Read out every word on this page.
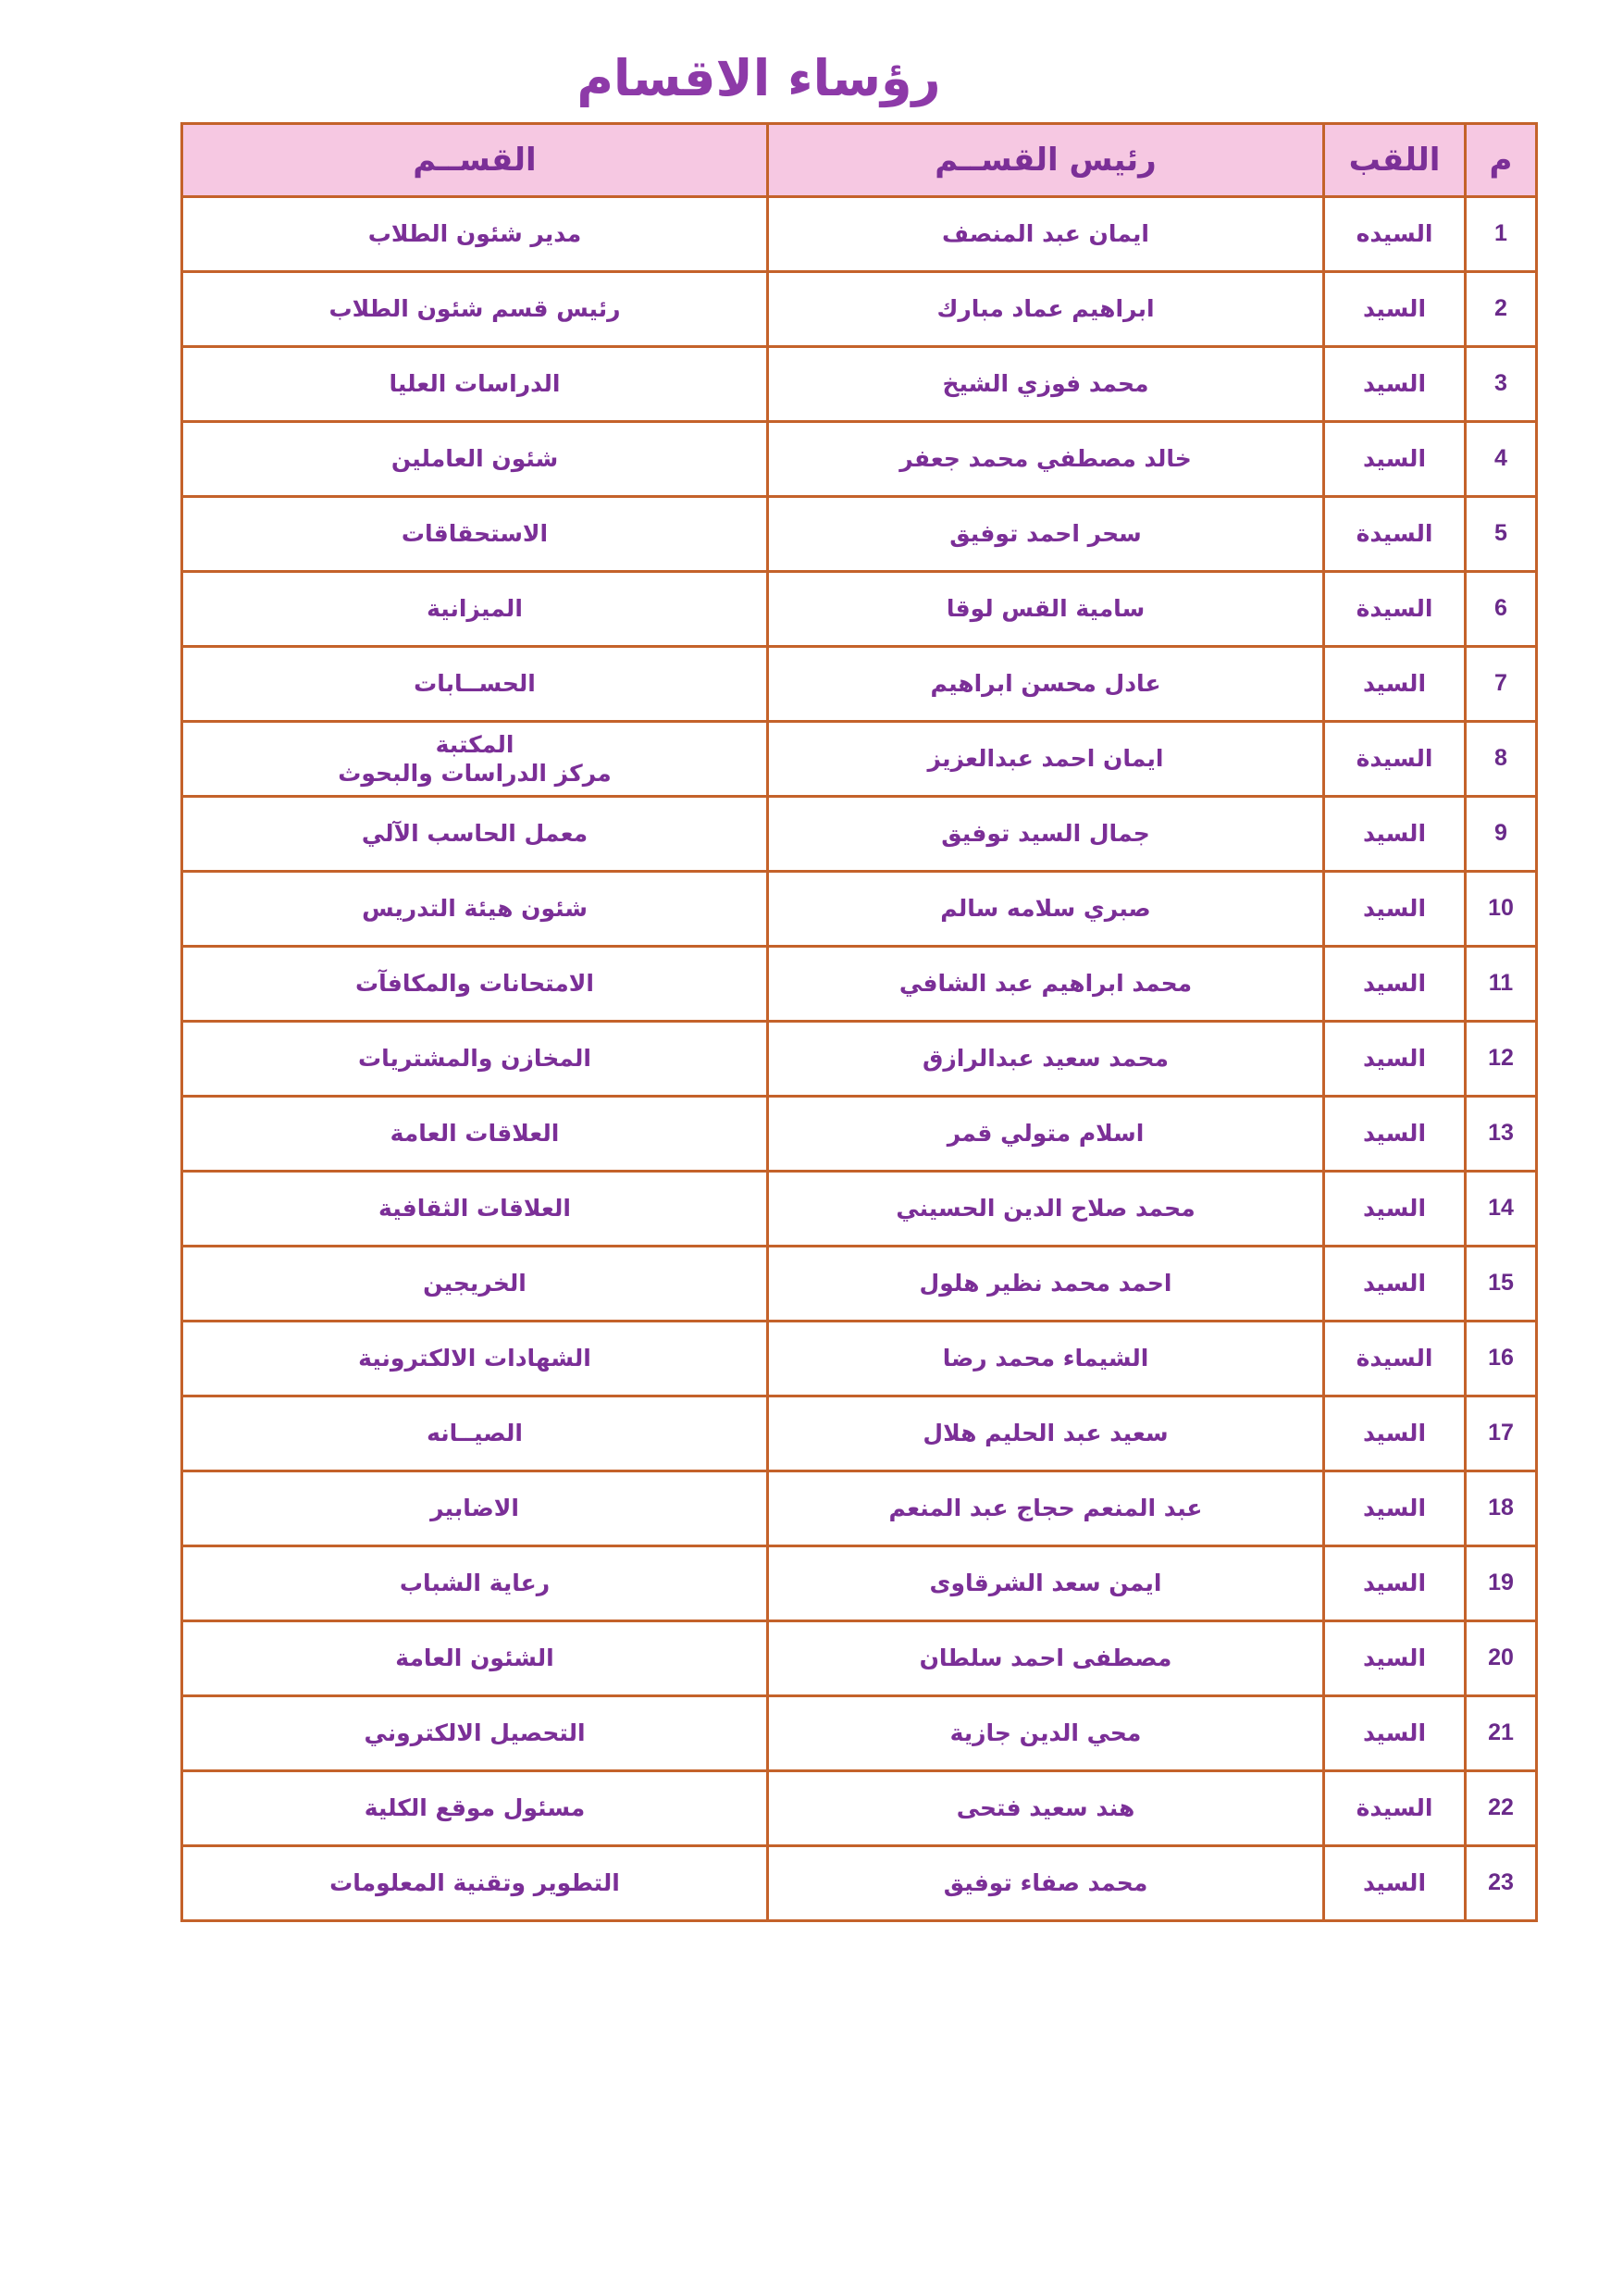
رؤساء الاقسام
م	اللقب	رئيس القســم	القســم
1	السيده	ايمان عبد المنصف	مدير شئون الطلاب

2	السيد	ابراهيم عماد مبارك	رئيس قسم شئون الطلاب

3	السيد	محمد فوزي الشيخ	الدراسات العليا

4	السيد	خالد مصطفي محمد جعفر	شئون العاملين

5	السيدة	سحر احمد توفيق	الاستحقاقات

6	السيدة	سامية القس لوقا	الميزانية

7	السيد	عادل محسن ابراهيم	الحســابات

8	السيدة	ايمان احمد عبدالعزيز	المكتبة
مركز الدراسات والبحوث

9	السيد	جمال السيد توفيق	معمل الحاسب الآلي

10	السيد	صبري سلامه سالم	شئون هيئة التدريس

11	السيد	محمد ابراهيم عبد الشافي	الامتحانات والمكافآت

12	السيد	محمد سعيد عبدالرازق	المخازن والمشتريات

13	السيد	اسلام متولي قمر	العلاقات العامة

14	السيد	محمد صلاح الدين الحسيني	العلاقات الثقافية

15	السيد	احمد محمد نظير هلول	الخريجين

16	السيدة	الشيماء محمد رضا	الشهادات الالكترونية

17	السيد	سعيد عبد الحليم هلال	الصيــانه

18	السيد	عبد المنعم حجاج عبد المنعم	الاضابير

19	السيد	ايمن سعد الشرقاوى	رعاية الشباب

20	السيد	مصطفى احمد سلطان	الشئون العامة

21	السيد	محي الدين جازية	التحصيل الالكتروني

22	السيدة	هند سعيد فتحى	مسئول موقع الكلية

23	السيد	محمد صفاء توفيق	التطوير وتقنية المعلومات
